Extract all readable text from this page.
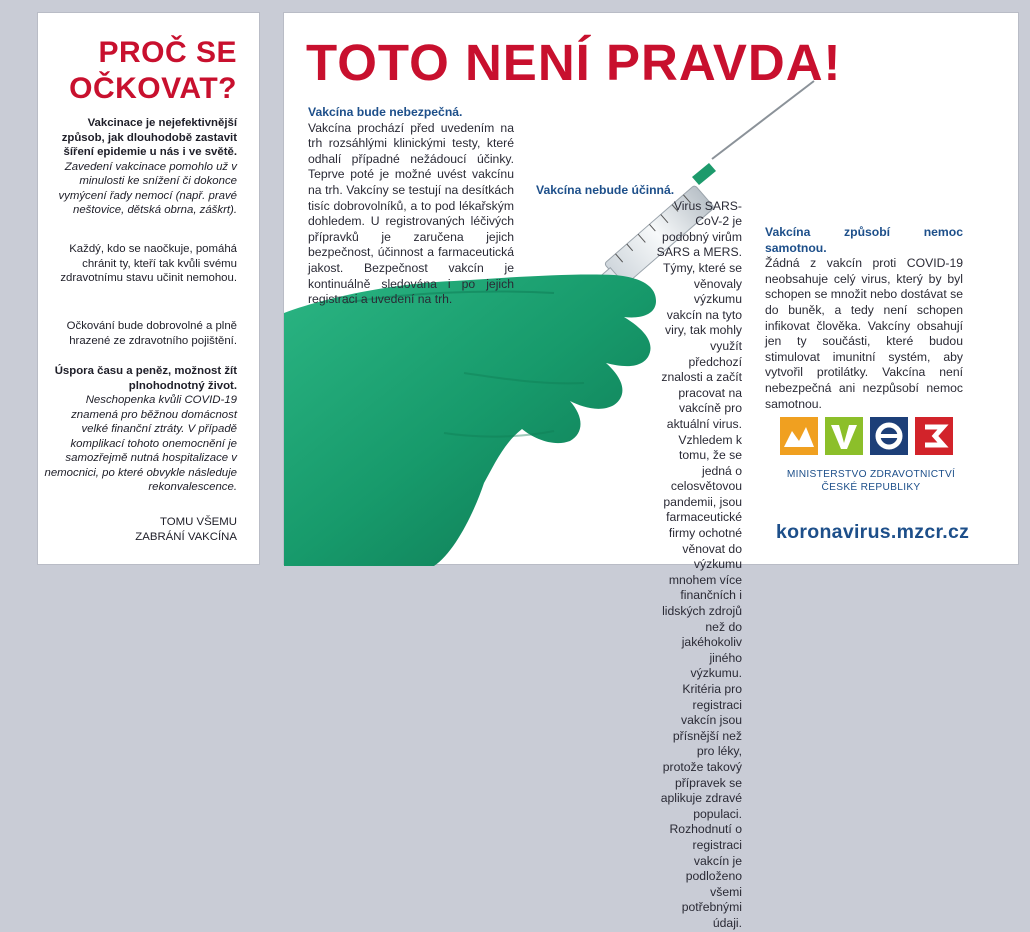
PROČ SE
OČKOVAT?
Vakcinace je nejefektivnější způsob, jak dlouhodobě zastavit šíření epidemie u nás i ve světě.
Zavedení vakcinace pomohlo už v minulosti ke snížení či dokonce vymýcení řady nemocí (např. pravé neštovice, dětská obrna, záškrt).
Každý, kdo se naočkuje, pomáhá chránit ty, kteří tak kvůli svému zdravotnímu stavu učinit nemohou.
Očkování bude dobrovolné a plně hrazené ze zdravotního pojištění.
Úspora času a peněz, možnost žít plnohodnotný život.
Neschopenka kvůli COVID-19 znamená pro běžnou domácnost velké finanční ztráty. V případě komplikací tohoto onemocnění je samozřejmě nutná hospitalizace v nemocnici, po které obvykle následuje rekonvalescence.
TOMU VŠEMU
ZABRÁNÍ VAKCÍNA
TOTO NENÍ PRAVDA!
Vakcína bude nebezpečná.
Vakcína prochází před uvedením na trh rozsáhlými klinickými testy, které odhalí případné nežádoucí účinky. Teprve poté je možné uvést vakcínu na trh. Vakcíny se testují na desítkách tisíc dobrovolníků, a to pod lékařským dohledem. U registrovaných léčivých přípravků je zaručena jejich bezpečnost, účinnost a farmaceutická jakost. Bezpečnost vakcín je kontinuálně sledována i po jejich registraci a uvedení na trh.
Vakcína nebude účinná.
Virus SARS-CoV-2 je podobný virům SARS a MERS. Týmy, které se věnovaly výzkumu vakcín na tyto viry, tak mohly využít předchozí znalosti a začít pracovat na vakcíně pro aktuální virus. Vzhledem k tomu, že se jedná o celosvětovou pandemii, jsou farmaceutické firmy ochotné věnovat do výzkumu mnohem více finančních i lidských zdrojů než do jakéhokoliv jiného výzkumu. Kritéria pro registraci vakcín jsou přísnější než pro léky, protože takový přípravek se aplikuje zdravé populaci. Rozhodnutí o registraci vakcín je podloženo všemi potřebnými údaji.
Vakcína způsobí nemoc samotnou.
Žádná z vakcín proti COVID-19 neobsahuje celý virus, který by byl schopen se množit nebo dostávat se do buněk, a tedy není schopen infikovat člověka. Vakcíny obsahují jen ty součásti, které budou stimulovat imunitní systém, aby vytvořil protilátky. Vakcína není nebezpečná ani nezpůsobí nemoc samotnou.
MINISTERSTVO ZDRAVOTNICTVÍ
ČESKÉ REPUBLIKY
koronavirus.mzcr.cz
